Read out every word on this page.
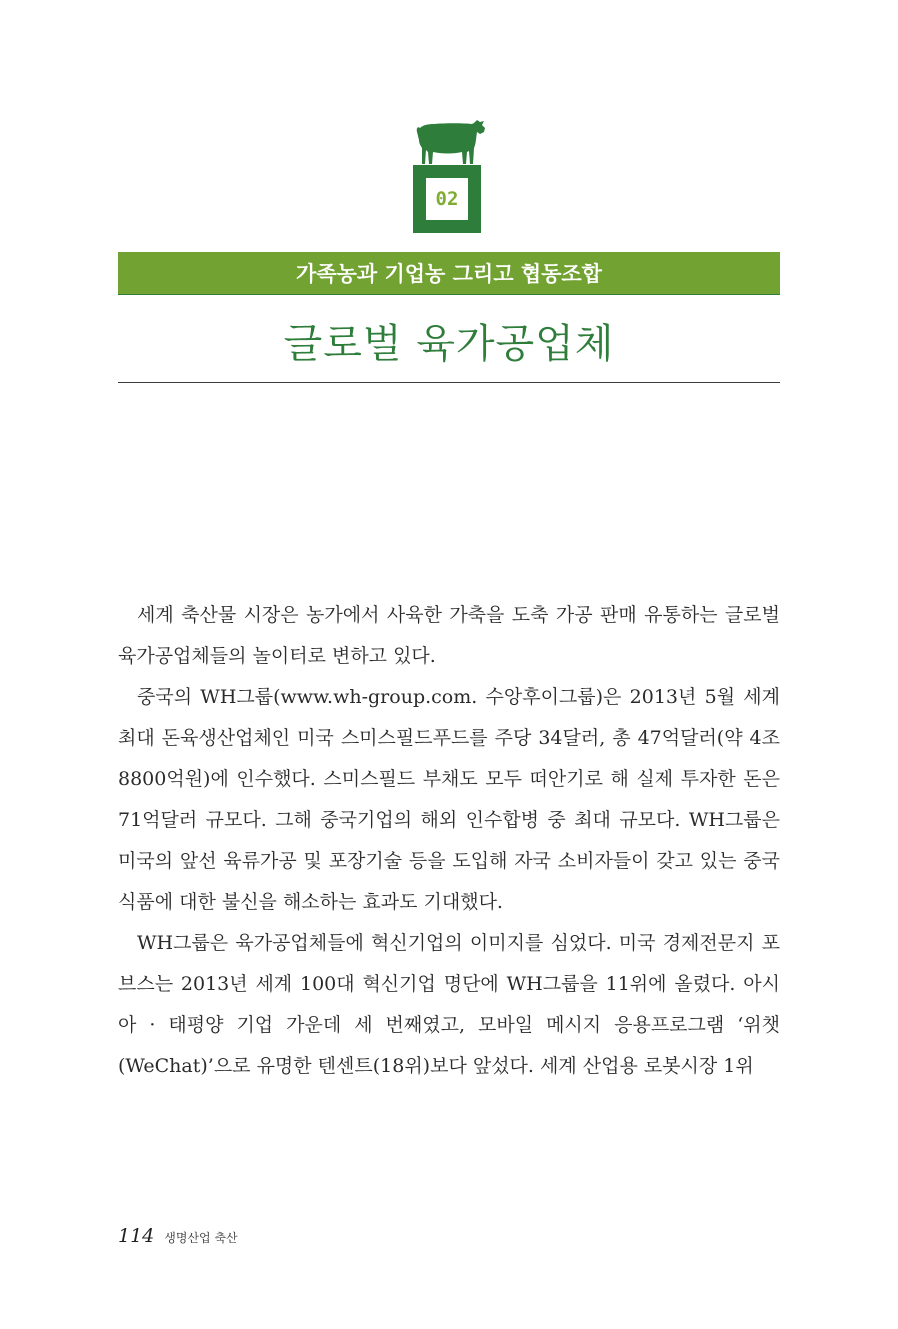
02
가족농과 기업농 그리고 협동조합
글로벌 육가공업체

세계 축산물 시장은 농가에서 사육한 가축을 도축 가공 판매 유통하는 글로벌 육가공업체들의 놀이터로 변하고 있다.

중국의 WH그룹(www.wh-group.com. 수앙후이그룹)은 2013년 5월 세계 최대 돈육생산업체인 미국 스미스필드푸드를 주당 34달러, 총 47억달러(약 4조8800억원)에 인수했다. 스미스필드 부채도 모두 떠안기로 해 실제 투자한 돈은 71억달러 규모다. 그해 중국기업의 해외 인수합병 중 최대 규모다. WH그룹은 미국의 앞선 육류가공 및 포장기술 등을 도입해 자국 소비자들이 갖고 있는 중국식품에 대한 불신을 해소하는 효과도 기대했다.

WH그룹은 육가공업체들에 혁신기업의 이미지를 심었다. 미국 경제전문지 포브스는 2013년 세계 100대 혁신기업 명단에 WH그룹을 11위에 올렸다. 아시아 · 태평양 기업 가운데 세 번째였고, 모바일 메시지 응용프로그램 ‘위챗(WeChat)’으로 유명한 텐센트(18위)보다 앞섰다. 세계 산업용 로봇시장 1위

114 생명산업 축산
